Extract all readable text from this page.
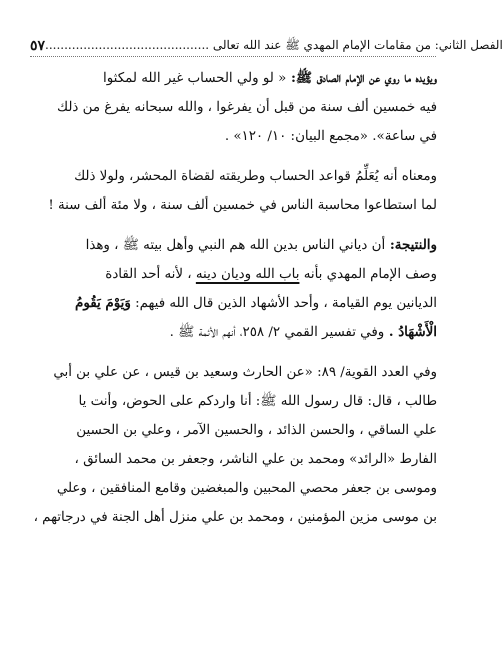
٥٧ الفصل الثاني: من مقامات الإمام المهدي ﷺ عند الله تعالى ...........................................
ويؤيده ما روي عن الإمام الصادق ﷺ: « لو ولي الحساب غير الله لمكثوا
فيه خمسين ألف سنة من قبل أن يفرغوا ، والله سبحانه يفرغ من ذلك
في ساعة». «مجمع البيان: ١٠/ ١٢٠» .
ومعناه أنه يُعَلِّمُ قواعد الحساب وطريقته لقضاة المحشر، ولولا ذلك
لما استطاعوا محاسبة الناس في خمسين ألف سنة ، ولا مئة ألف سنة !
والنتيجة: أن دياني الناس بدين الله هم النبي وأهل بيته ﷺ ، وهذا
وصف الإمام المهدي بأنه باب الله وديان دينه ، لأنه أحد القادة
الديانين يوم القيامة ، وأحد الأشهاد الذين قال الله فيهم: وَيَوْمَ يَقُومُ
الْأَشْهَادُ . وفي تفسير القمي ٢/ ٢٥٨، أنهم الأئمة ﷺ .
وفي العدد القوية/ ٨٩: «عن الحارث وسعيد بن قيس ، عن علي بن أبي
طالب ، قال: قال رسول الله ﷺ: أنا واردكم على الحوض، وأنت يا
علي الساقي ، والحسن الذائد ، والحسين الآمر ، وعلي بن الحسين
الفارط «الرائد» ومحمد بن علي الناشر، وجعفر بن محمد السائق ،
وموسى بن جعفر محصي المحبين والمبغضين وقامع المنافقين ، وعلي
بن موسى مزين المؤمنين ، ومحمد بن علي منزل أهل الجنة في درجاتهم ،
